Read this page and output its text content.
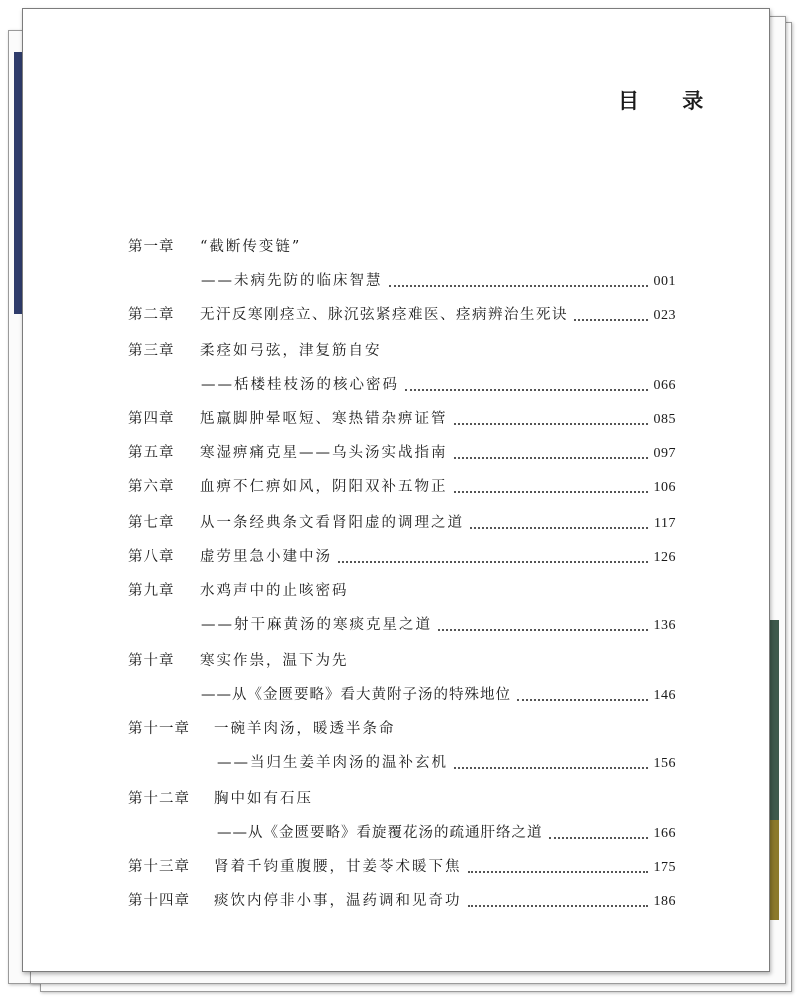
目 录
第一章	“截断传变链”
——未病先防的临床智慧	001
第二章	无汗反寒刚痉立、脉沉弦紧痉难医、痉病辨治生死诀	023
第三章	柔痉如弓弦，津复筋自安
——栝楼桂枝汤的核心密码	066
第四章	尪羸脚肿晕呕短、寒热错杂痹证管	085
第五章	寒湿痹痛克星——乌头汤实战指南	097
第六章	血痹不仁痹如风，阴阳双补五物正	106
第七章	从一条经典条文看肾阳虚的调理之道	117
第八章	虚劳里急小建中汤	126
第九章	水鸡声中的止咳密码
——射干麻黄汤的寒痰克星之道	136
第十章	寒实作祟，温下为先
——从《金匮要略》看大黄附子汤的特殊地位	146
第十一章	一碗羊肉汤，暖透半条命
——当归生姜羊肉汤的温补玄机	156
第十二章	胸中如有石压
——从《金匮要略》看旋覆花汤的疏通肝络之道	166
第十三章	肾着千钧重腹腰，甘姜苓术暖下焦	175
第十四章	痰饮内停非小事，温药调和见奇功	186
